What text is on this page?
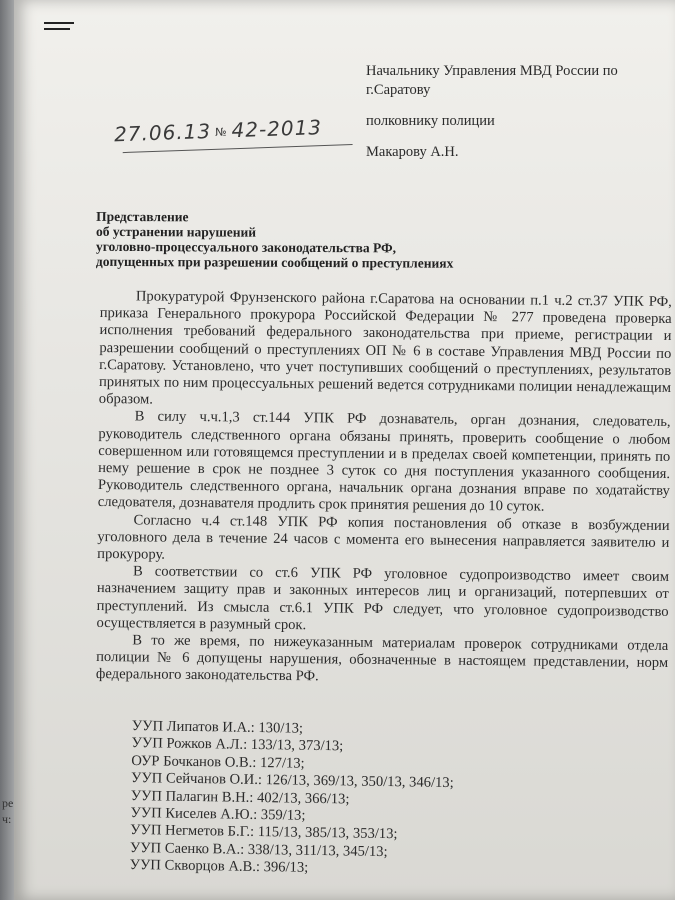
ре
ч:
Начальнику Управления МВД России по
г.Саратову
полковнику полиции
Макарову А.Н.
27.06.13 № 42-2013
Представление
об устранении нарушений
уголовно-процессуального законодательства РФ,
допущенных при разрешении сообщений о преступлениях

Прокуратурой Фрунзенского района г.Саратова на основании п.1 ч.2 ст.37 УПК РФ, приказа Генерального прокурора Российской Федерации № 277 проведена проверка исполнения требований федерального законодательства при приеме, регистрации и разрешении сообщений о преступлениях ОП № 6 в составе Управления МВД России по г.Саратову. Установлено, что учет поступивших сообщений о преступлениях, результатов принятых по ним процессуальных решений ведется сотрудниками полиции ненадлежащим образом.

В силу ч.ч.1,3 ст.144 УПК РФ дознаватель, орган дознания, следователь, руководитель следственного органа обязаны принять, проверить сообщение о любом совершенном или готовящемся преступлении и в пределах своей компетенции, принять по нему решение в срок не позднее 3 суток со дня поступления указанного сообщения. Руководитель следственного органа, начальник органа дознания вправе по ходатайству следователя, дознавателя продлить срок принятия решения до 10 суток.

Согласно ч.4 ст.148 УПК РФ копия постановления об отказе в возбуждении уголовного дела в течение 24 часов с момента его вынесения направляется заявителю и прокурору.

В соответствии со ст.6 УПК РФ уголовное судопроизводство имеет своим назначением защиту прав и законных интересов лиц и организаций, потерпевших от преступлений. Из смысла ст.6.1 УПК РФ следует, что уголовное судопроизводство осуществляется в разумный срок.

В то же время, по нижеуказанным материалам проверок сотрудниками отдела полиции № 6 допущены нарушения, обозначенные в настоящем представлении, норм федерального законодательства РФ.

УУП Липатов И.А.: 130/13;
УУП Рожков А.Л.: 133/13, 373/13;
ОУР Бочканов О.В.: 127/13;
УУП Сейчанов О.И.: 126/13, 369/13, 350/13, 346/13;
УУП Палагин В.Н.: 402/13, 366/13;
УУП Киселев А.Ю.: 359/13;
УУП Негметов Б.Г.: 115/13, 385/13, 353/13;
УУП Саенко В.А.: 338/13, 311/13, 345/13;
УУП Скворцов А.В.: 396/13;
